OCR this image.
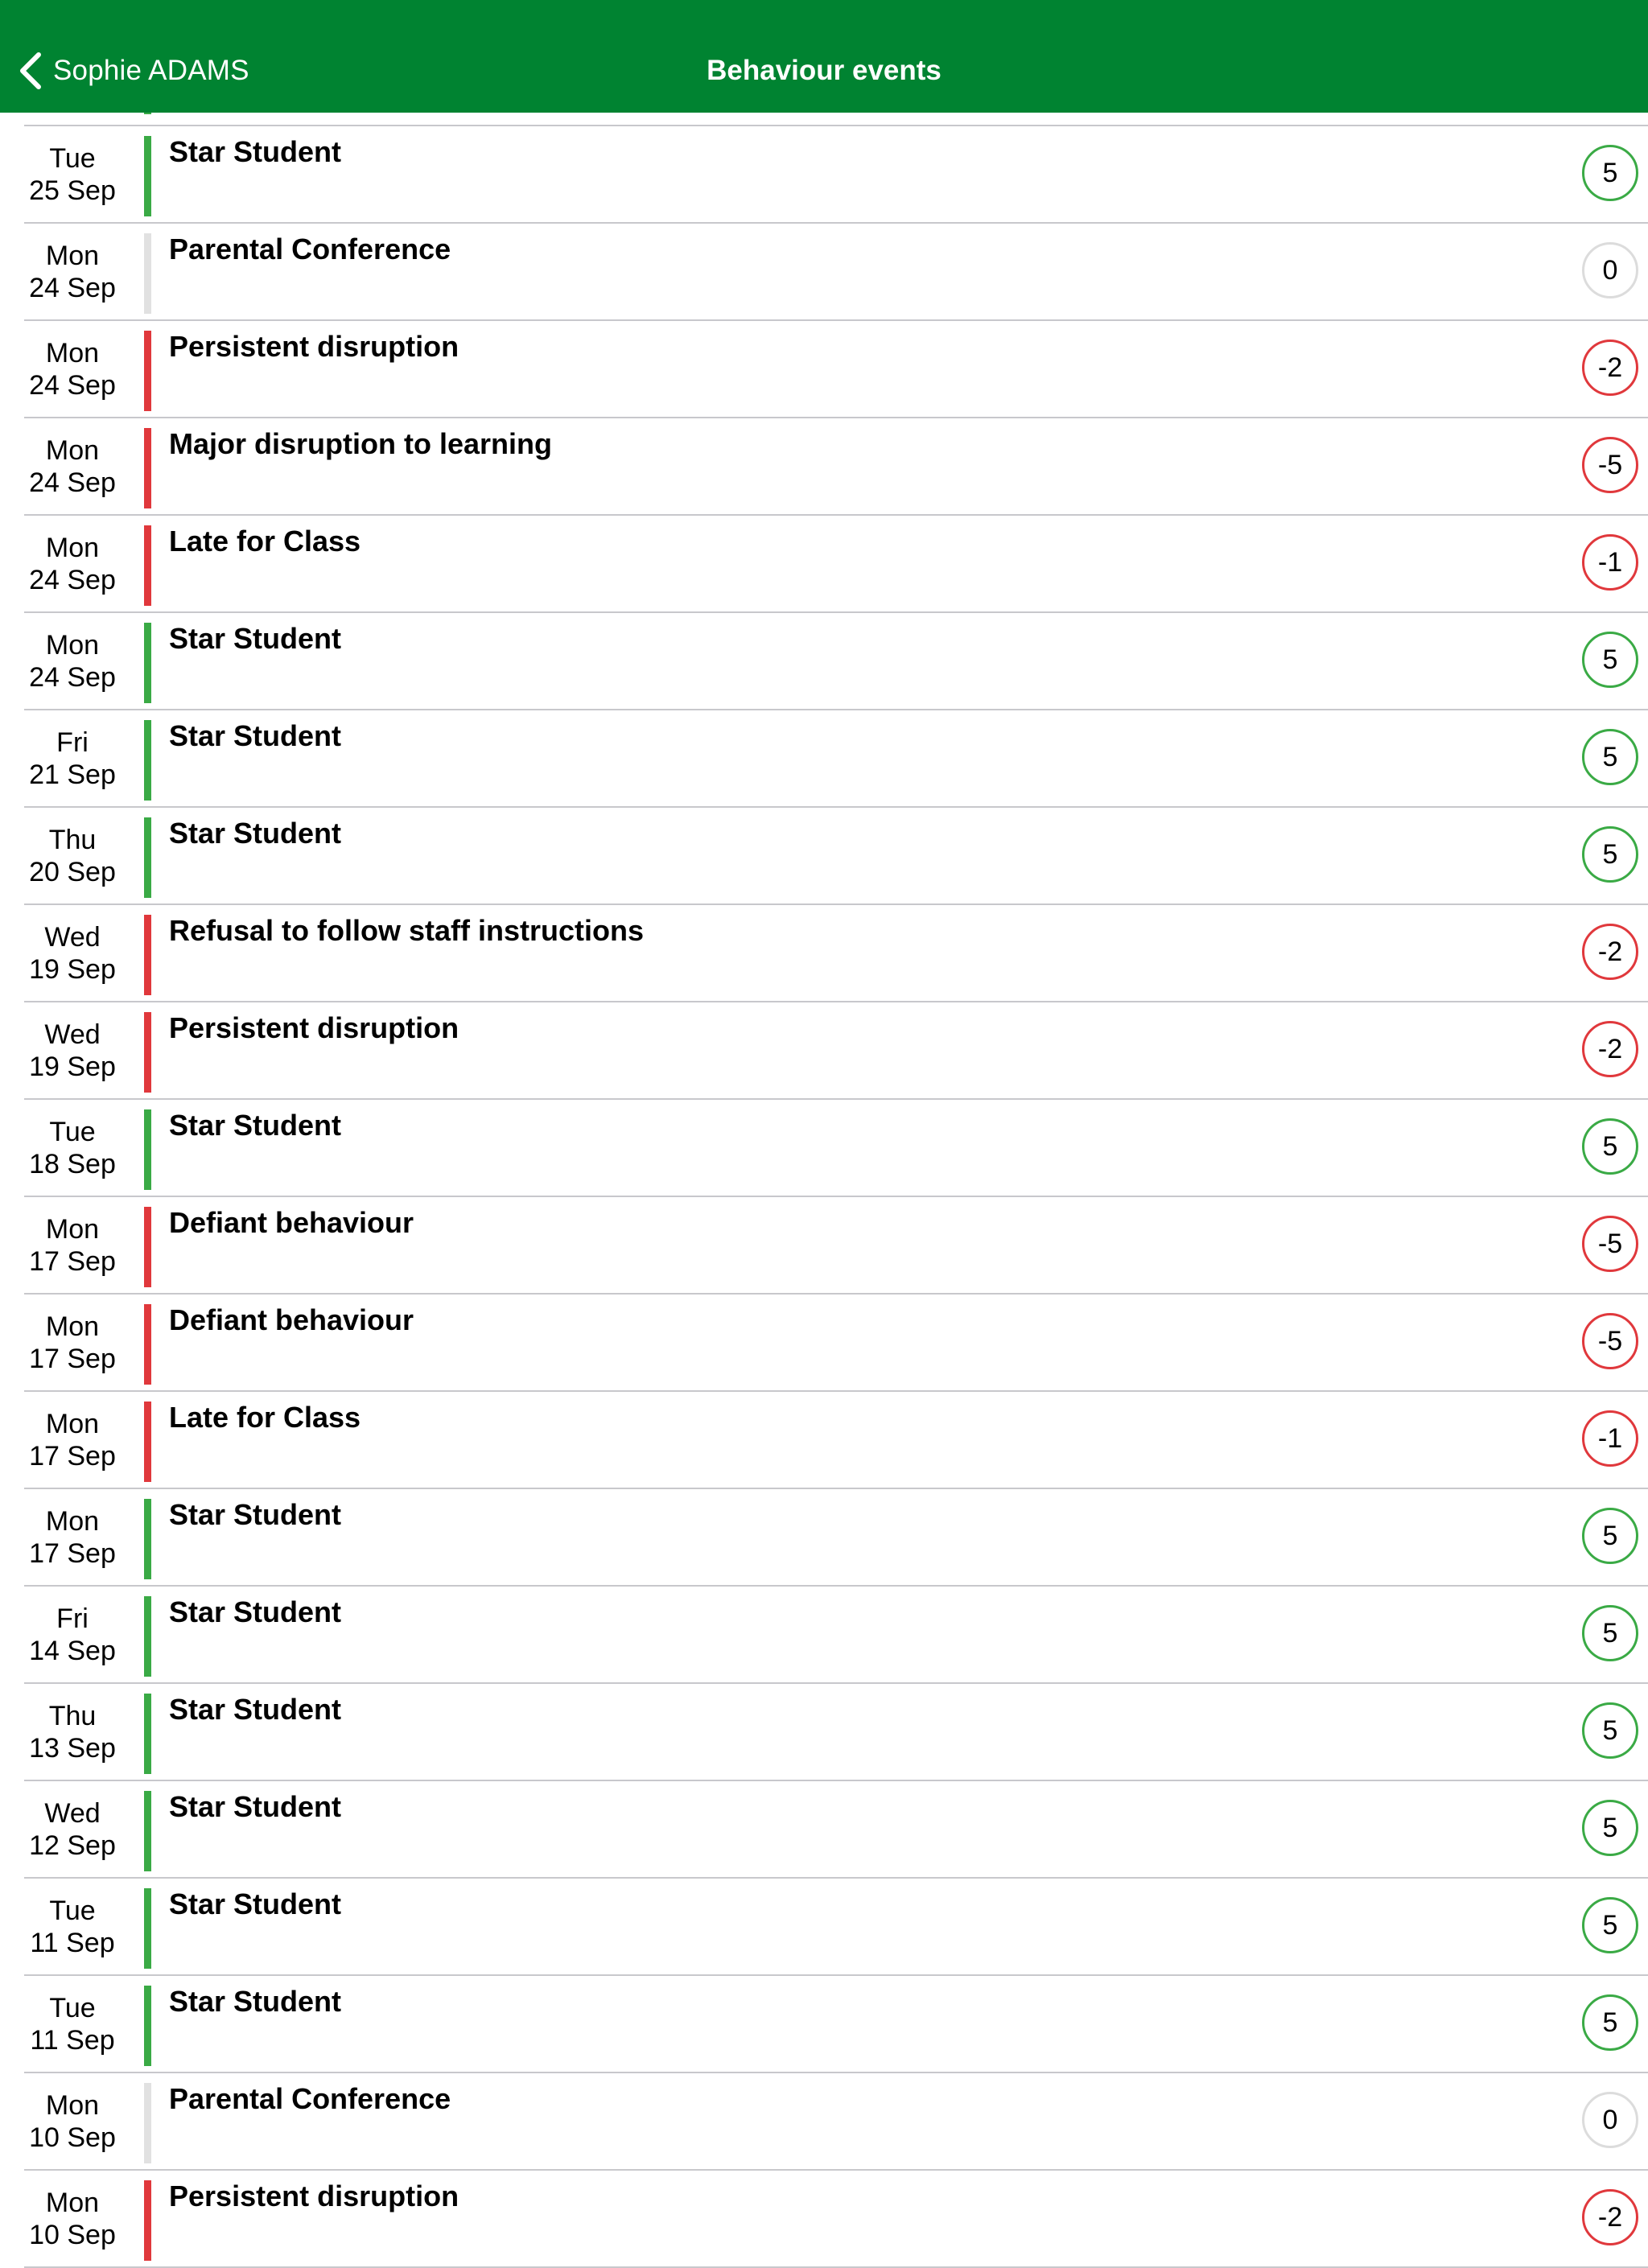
Tue
25 Sep
Star Student
5
Mon
24 Sep
Parental Conference
0
Mon
24 Sep
Persistent disruption
-2
Mon
24 Sep
Major disruption to learning
-5
Mon
24 Sep
Late for Class
-1
Mon
24 Sep
Star Student
5
Fri
21 Sep
Star Student
5
Thu
20 Sep
Star Student
5
Wed
19 Sep
Refusal to follow staff instructions
-2
Wed
19 Sep
Persistent disruption
-2
Tue
18 Sep
Star Student
5
Mon
17 Sep
Defiant behaviour
-5
Mon
17 Sep
Defiant behaviour
-5
Mon
17 Sep
Late for Class
-1
Mon
17 Sep
Star Student
5
Fri
14 Sep
Star Student
5
Thu
13 Sep
Star Student
5
Wed
12 Sep
Star Student
5
Tue
11 Sep
Star Student
5
Tue
11 Sep
Star Student
5
Mon
10 Sep
Parental Conference
0
Mon
10 Sep
Persistent disruption
-2
Sophie ADAMS	Behaviour events
